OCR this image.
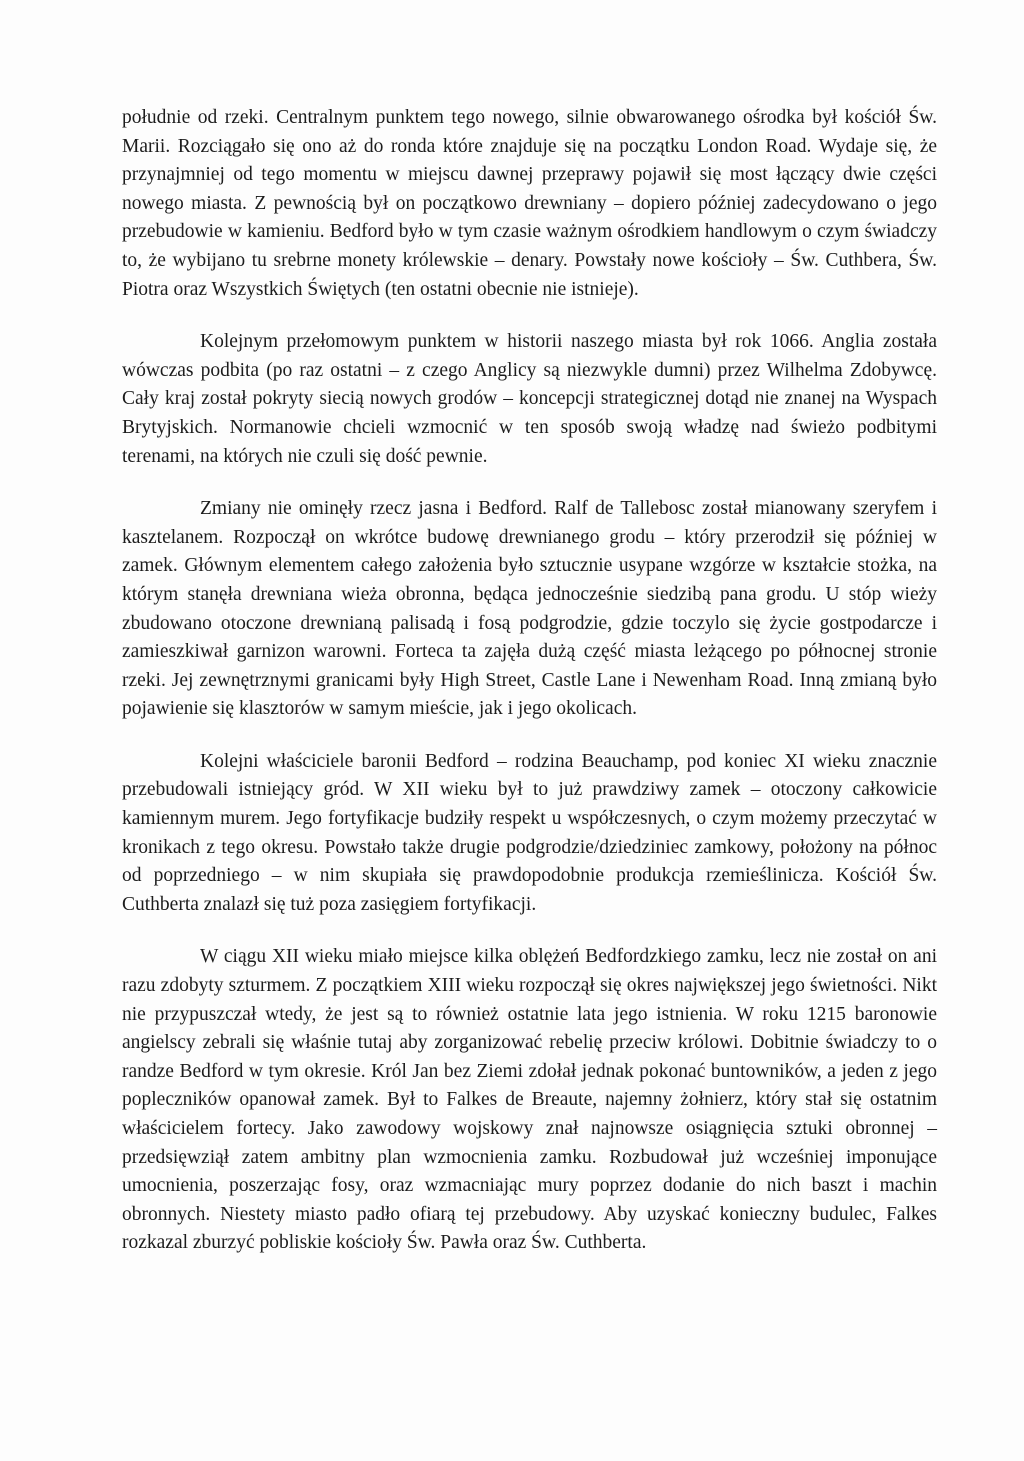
południe od rzeki. Centralnym punktem tego nowego, silnie obwarowanego ośrodka był kościół Św. Marii. Rozciągało się ono aż do ronda które znajduje się na początku London Road. Wydaje się, że przynajmniej od tego momentu w miejscu dawnej przeprawy pojawił się most łączący dwie części nowego miasta. Z pewnością był on początkowo drewniany – dopiero później zadecydowano o jego przebudowie w kamieniu. Bedford było w tym czasie ważnym ośrodkiem handlowym o czym świadczy to, że wybijano tu srebrne monety królewskie – denary. Powstały nowe kościoły – Św. Cuthbera, Św. Piotra oraz Wszystkich Świętych (ten ostatni obecnie nie istnieje).

Kolejnym przełomowym punktem w historii naszego miasta był rok 1066. Anglia została wówczas podbita (po raz ostatni – z czego Anglicy są niezwykle dumni) przez Wilhelma Zdobywcę. Cały kraj został pokryty siecią nowych grodów – koncepcji strategicznej dotąd nie znanej na Wyspach Brytyjskich. Normanowie chcieli wzmocnić w ten sposób swoją władzę nad świeżo podbitymi terenami, na których nie czuli się dość pewnie.

Zmiany nie ominęły rzecz jasna i Bedford. Ralf de Tallebosc został mianowany szeryfem i kasztelanem. Rozpoczął on wkrótce budowę drewnianego grodu – który przerodził się później w zamek. Głównym elementem całego założenia było sztucznie usypane wzgórze w kształcie stożka, na którym stanęła drewniana wieża obronna, będąca jednocześnie siedzibą pana grodu. U stóp wieży zbudowano otoczone drewnianą palisadą i fosą podgrodzie, gdzie toczylo się życie gostpodarcze i zamieszkiwał garnizon warowni. Forteca ta zajęła dużą część miasta leżącego po północnej stronie rzeki. Jej zewnętrznymi granicami były High Street, Castle Lane i Newenham Road. Inną zmianą było pojawienie się klasztorów w samym mieście, jak i jego okolicach.

Kolejni właściciele baronii Bedford – rodzina Beauchamp, pod koniec XI wieku znacznie przebudowali istniejący gród. W XII wieku był to już prawdziwy zamek – otoczony całkowicie kamiennym murem. Jego fortyfikacje budziły respekt u współczesnych, o czym możemy przeczytać w kronikach z tego okresu. Powstało także drugie podgrodzie/dziedziniec zamkowy, położony na północ od poprzedniego – w nim skupiała się prawdopodobnie produkcja rzemieślinicza. Kościół Św. Cuthberta znalazł się tuż poza zasięgiem fortyfikacji.

W ciągu XII wieku miało miejsce kilka oblężeń Bedfordzkiego zamku, lecz nie został on ani razu zdobyty szturmem. Z początkiem XIII wieku rozpoczął się okres największej jego świetności. Nikt nie przypuszczał wtedy, że jest są to również ostatnie lata jego istnienia. W roku 1215 baronowie angielscy zebrali się właśnie tutaj aby zorganizować rebelię przeciw królowi. Dobitnie świadczy to o randze Bedford w tym okresie. Król Jan bez Ziemi zdołał jednak pokonać buntowników, a jeden z jego popleczników opanował zamek. Był to Falkes de Breaute, najemny żołnierz, który stał się ostatnim właścicielem fortecy. Jako zawodowy wojskowy znał najnowsze osiągnięcia sztuki obronnej – przedsięwziął zatem ambitny plan wzmocnienia zamku. Rozbudował już wcześniej imponujące umocnienia, poszerzając fosy, oraz wzmacniając mury poprzez dodanie do nich baszt i machin obronnych. Niestety miasto padło ofiarą tej przebudowy. Aby uzyskać konieczny budulec, Falkes rozkazal zburzyć pobliskie kościoły Św. Pawła oraz Św. Cuthberta.
